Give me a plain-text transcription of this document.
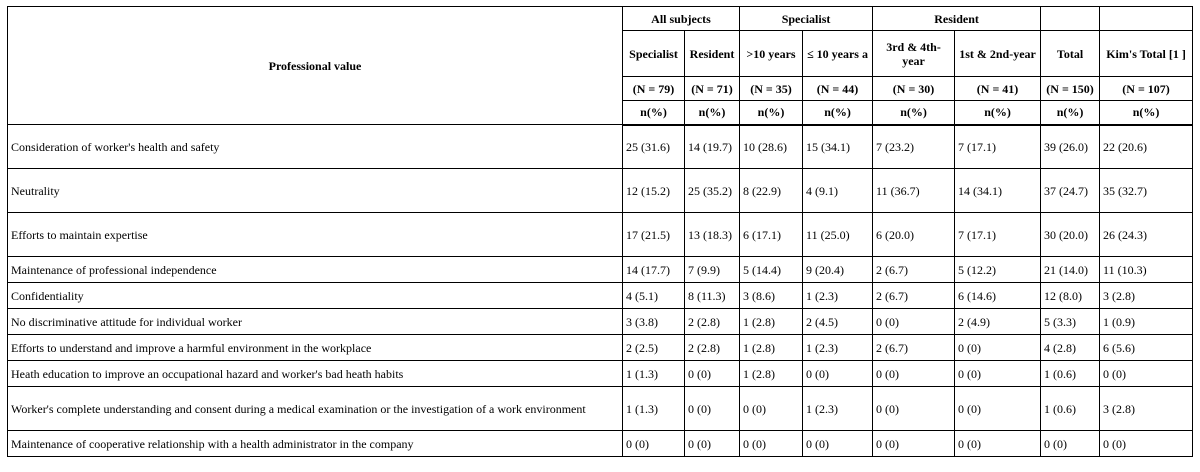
Professional value	All subjects		Specialist		Resident			
	Specialist	Resident	>10 years	≤ 10 years a	3rd & 4th-year	1st & 2nd-year	Total	Kim's Total [1 ]
	(N = 79)	(N = 71)	(N = 35)	(N = 44)	(N = 30)	(N = 41)	(N = 150)	(N = 107)
	n(%)	n(%)	n(%)	n(%)	n(%)	n(%)	n(%)	n(%)
Consideration of worker's health and safety	25 (31.6)	14 (19.7)	10 (28.6)	15 (34.1)	7 (23.2)	7 (17.1)	39 (26.0)	22 (20.6)
Neutrality	12 (15.2)	25 (35.2)	8 (22.9)	4 (9.1)	11 (36.7)	14 (34.1)	37 (24.7)	35 (32.7)
Efforts to maintain expertise	17 (21.5)	13 (18.3)	6 (17.1)	11 (25.0)	6 (20.0)	7 (17.1)	30 (20.0)	26 (24.3)
Maintenance of professional independence	14 (17.7)	7 (9.9)	5 (14.4)	9 (20.4)	2 (6.7)	5 (12.2)	21 (14.0)	11 (10.3)
Confidentiality	4 (5.1)	8 (11.3)	3 (8.6)	1 (2.3)	2 (6.7)	6 (14.6)	12 (8.0)	3 (2.8)
No discriminative attitude for individual worker	3 (3.8)	2 (2.8)	1 (2.8)	2 (4.5)	0 (0)	2 (4.9)	5 (3.3)	1 (0.9)
Efforts to understand and improve a harmful environment in the workplace	2 (2.5)	2 (2.8)	1 (2.8)	1 (2.3)	2 (6.7)	0 (0)	4 (2.8)	6 (5.6)
Heath education to improve an occupational hazard and worker's bad heath habits	1 (1.3)	0 (0)	1 (2.8)	0 (0)	0 (0)	0 (0)	1 (0.6)	0 (0)
Worker's complete understanding and consent during a medical examination or the investigation of a work environment	1 (1.3)	0 (0)	0 (0)	1 (2.3)	0 (0)	0 (0)	1 (0.6)	3 (2.8)
Maintenance of cooperative relationship with a health administrator in the company	0 (0)	0 (0)	0 (0)	0 (0)	0 (0)	0 (0)	0 (0)	0 (0)
